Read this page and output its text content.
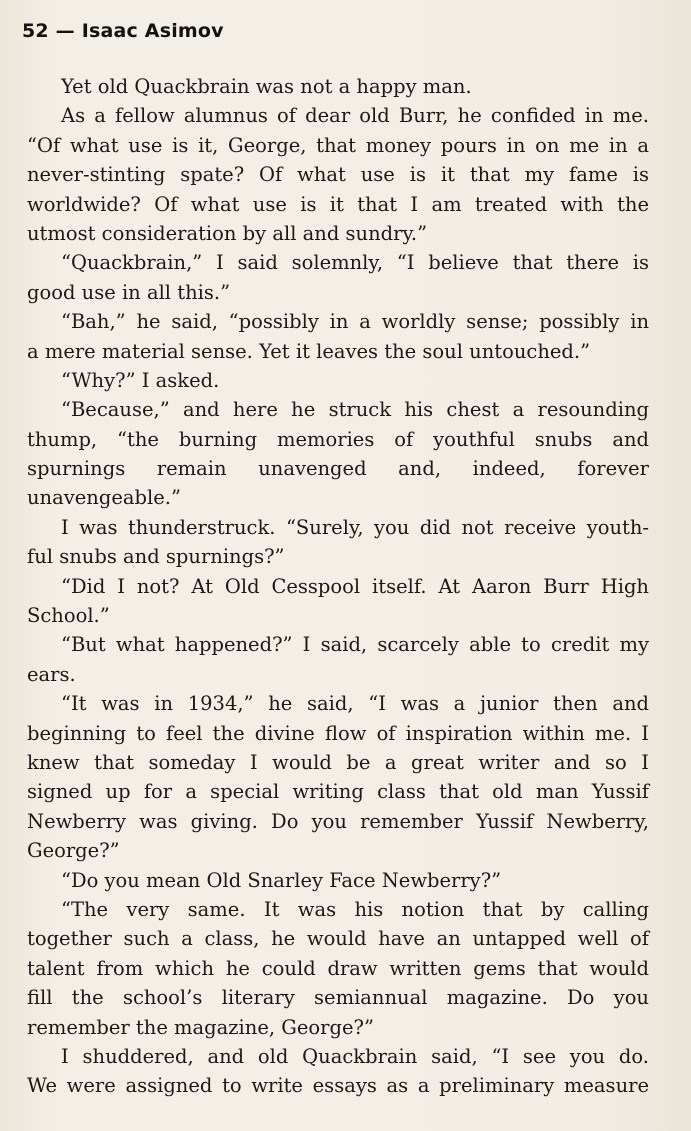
52 — Isaac Asimov
Yet old Quackbrain was not a happy man.
As a fellow alumnus of dear old Burr, he confided in me.
“Of what use is it, George, that money pours in on me in a
never-stinting spate? Of what use is it that my fame is
worldwide? Of what use is it that I am treated with the
utmost consideration by all and sundry.”
“Quackbrain,” I said solemnly, “I believe that there is
good use in all this.”
“Bah,” he said, “possibly in a worldly sense; possibly in
a mere material sense. Yet it leaves the soul untouched.”
“Why?” I asked.
“Because,” and here he struck his chest a resounding
thump, “the burning memories of youthful snubs and
spurnings remain unavenged and, indeed, forever
unavengeable.”
I was thunderstruck. “Surely, you did not receive youth-
ful snubs and spurnings?”
“Did I not? At Old Cesspool itself. At Aaron Burr High
School.”
“But what happened?” I said, scarcely able to credit my
ears.
“It was in 1934,” he said, “I was a junior then and
beginning to feel the divine flow of inspiration within me. I
knew that someday I would be a great writer and so I
signed up for a special writing class that old man Yussif
Newberry was giving. Do you remember Yussif Newberry,
George?”
“Do you mean Old Snarley Face Newberry?”
“The very same. It was his notion that by calling
together such a class, he would have an untapped well of
talent from which he could draw written gems that would
fill the school’s literary semiannual magazine. Do you
remember the magazine, George?”
I shuddered, and old Quackbrain said, “I see you do.
We were assigned to write essays as a preliminary measure
